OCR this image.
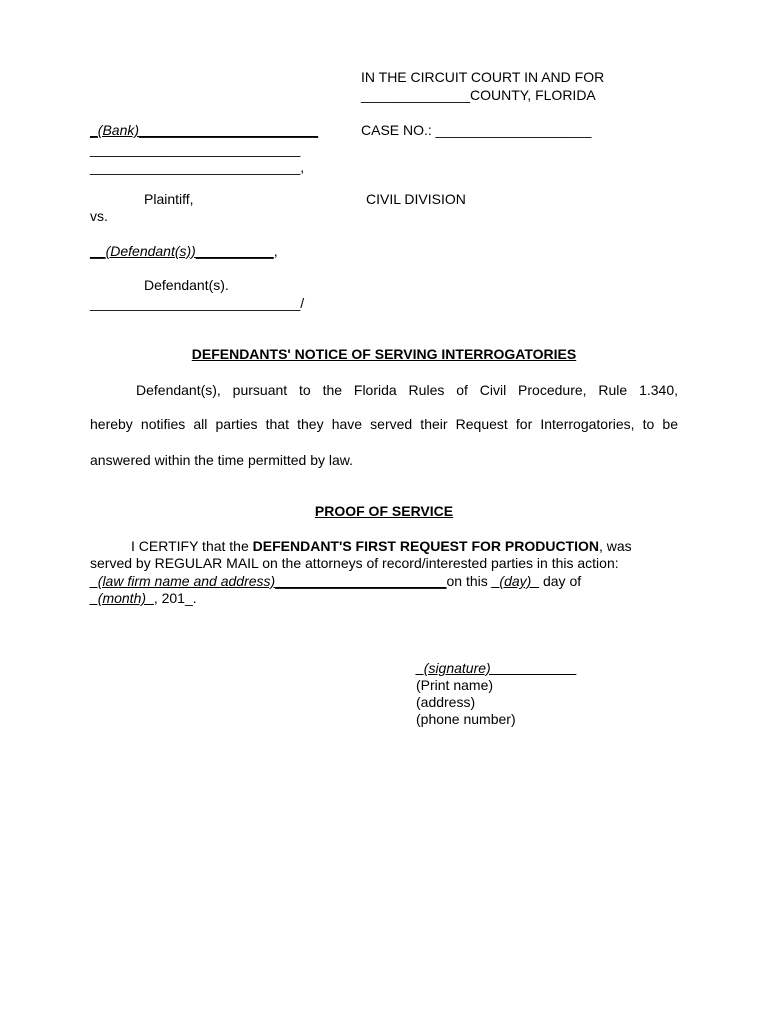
IN THE CIRCUIT COURT IN AND FOR
______________COUNTY, FLORIDA
_(Bank)_______________________	CASE NO.: ____________________
___________________________
___________________________,
Plaintiff,	CIVIL DIVISION
vs.
__(Defendant(s))__________,
Defendant(s).
___________________________/
DEFENDANTS' NOTICE OF SERVING INTERROGATORIES
Defendant(s), pursuant to the Florida Rules of Civil Procedure, Rule 1.340,
hereby notifies all parties that they have served their Request for Interrogatories, to be
answered within the time permitted by law.
PROOF OF SERVICE
I CERTIFY that the DEFENDANT'S FIRST REQUEST FOR PRODUCTION, was
served by REGULAR MAIL on the attorneys of record/interested parties in this action:
_(law firm name and address)______________________on this _(day)_ day of
_(month)_, 201_.
_(signature)___________
(Print name)
(address)
(phone number)
